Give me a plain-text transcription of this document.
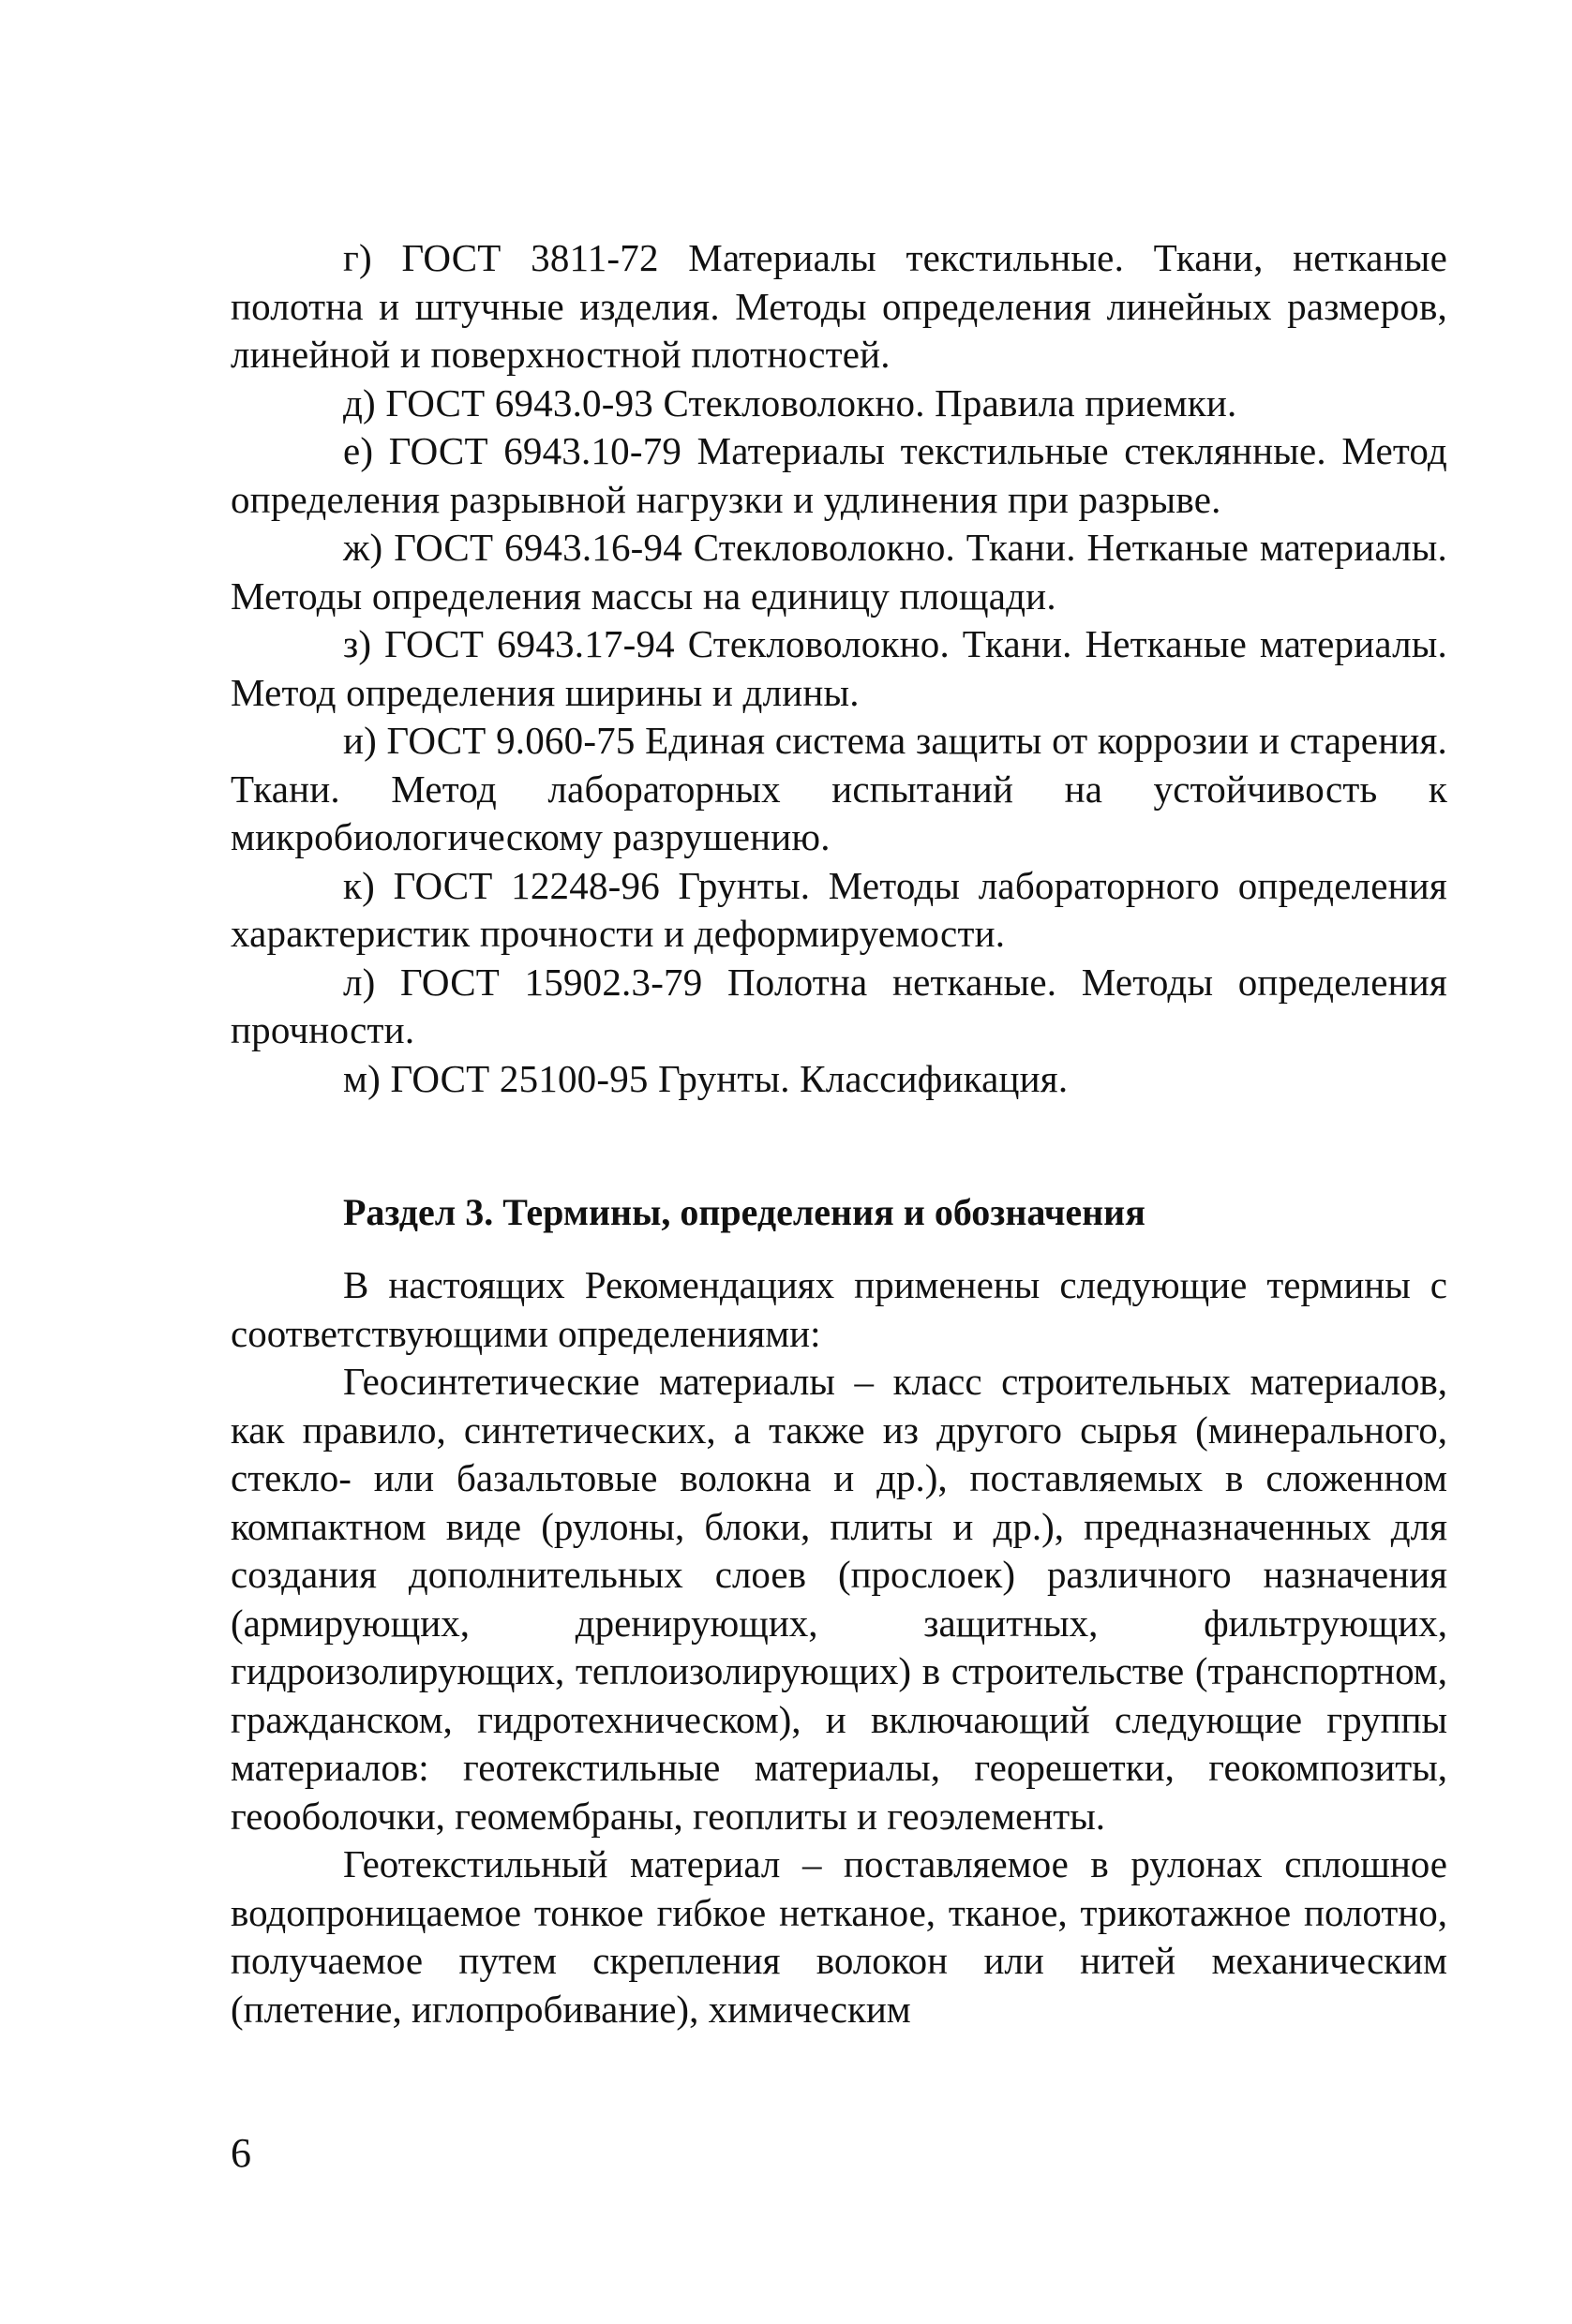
г) ГОСТ 3811-72 Материалы текстильные. Ткани, нетканые полотна и штучные изделия. Методы определения линейных размеров, линейной и поверхностной плотностей.

д) ГОСТ 6943.0-93 Стекловолокно. Правила приемки.

е) ГОСТ 6943.10-79 Материалы текстильные стеклянные. Метод определения разрывной нагрузки и удлинения при разрыве.

ж) ГОСТ 6943.16-94 Стекловолокно. Ткани. Нетканые материалы. Методы определения массы на единицу площади.

з) ГОСТ 6943.17-94 Стекловолокно. Ткани. Нетканые материалы. Метод определения ширины и длины.

и) ГОСТ 9.060-75 Единая система защиты от коррозии и старения. Ткани. Метод лабораторных испытаний на устойчивость к микробиологическому разрушению.

к) ГОСТ 12248-96 Грунты. Методы лабораторного определения характеристик прочности и деформируемости.

л) ГОСТ 15902.3-79 Полотна нетканые. Методы определения прочности.

м) ГОСТ 25100-95 Грунты. Классификация.

Раздел 3. Термины, определения и обозначения

В настоящих Рекомендациях применены следующие термины с соответствующими определениями:

Геосинтетические материалы – класс строительных материалов, как правило, синтетических, а также из другого сырья (минерального, стекло- или базальтовые волокна и др.), поставляемых в сложенном компактном виде (рулоны, блоки, плиты и др.), предназначенных для создания дополнительных слоев (прослоек) различного назначения (армирующих, дренирующих, защитных, фильтрующих, гидроизолирующих, теплоизолирующих) в строительстве (транспортном, гражданском, гидротехническом), и включающий следующие группы материалов: геотекстильные материалы, георешетки, геокомпозиты, геооболочки, геомембраны, геоплиты и геоэлементы.

Геотекстильный материал – поставляемое в рулонах сплошное водопроницаемое тонкое гибкое нетканое, тканое, трикотажное полотно, получаемое путем скрепления волокон или нитей механическим (плетение, иглопробивание), химическим

6
